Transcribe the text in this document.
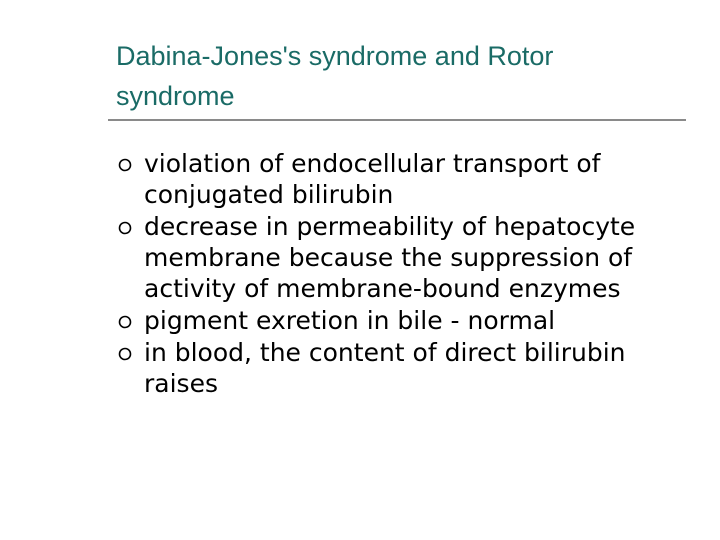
Dabina-Jones's syndrome and Rotor syndrome
violation of endocellular transport of conjugated bilirubin
decrease in permeability of hepatocyte membrane because the suppression of activity of membrane-bound enzymes
pigment exretion in bile - normal
in blood, the content of direct bilirubin raises
